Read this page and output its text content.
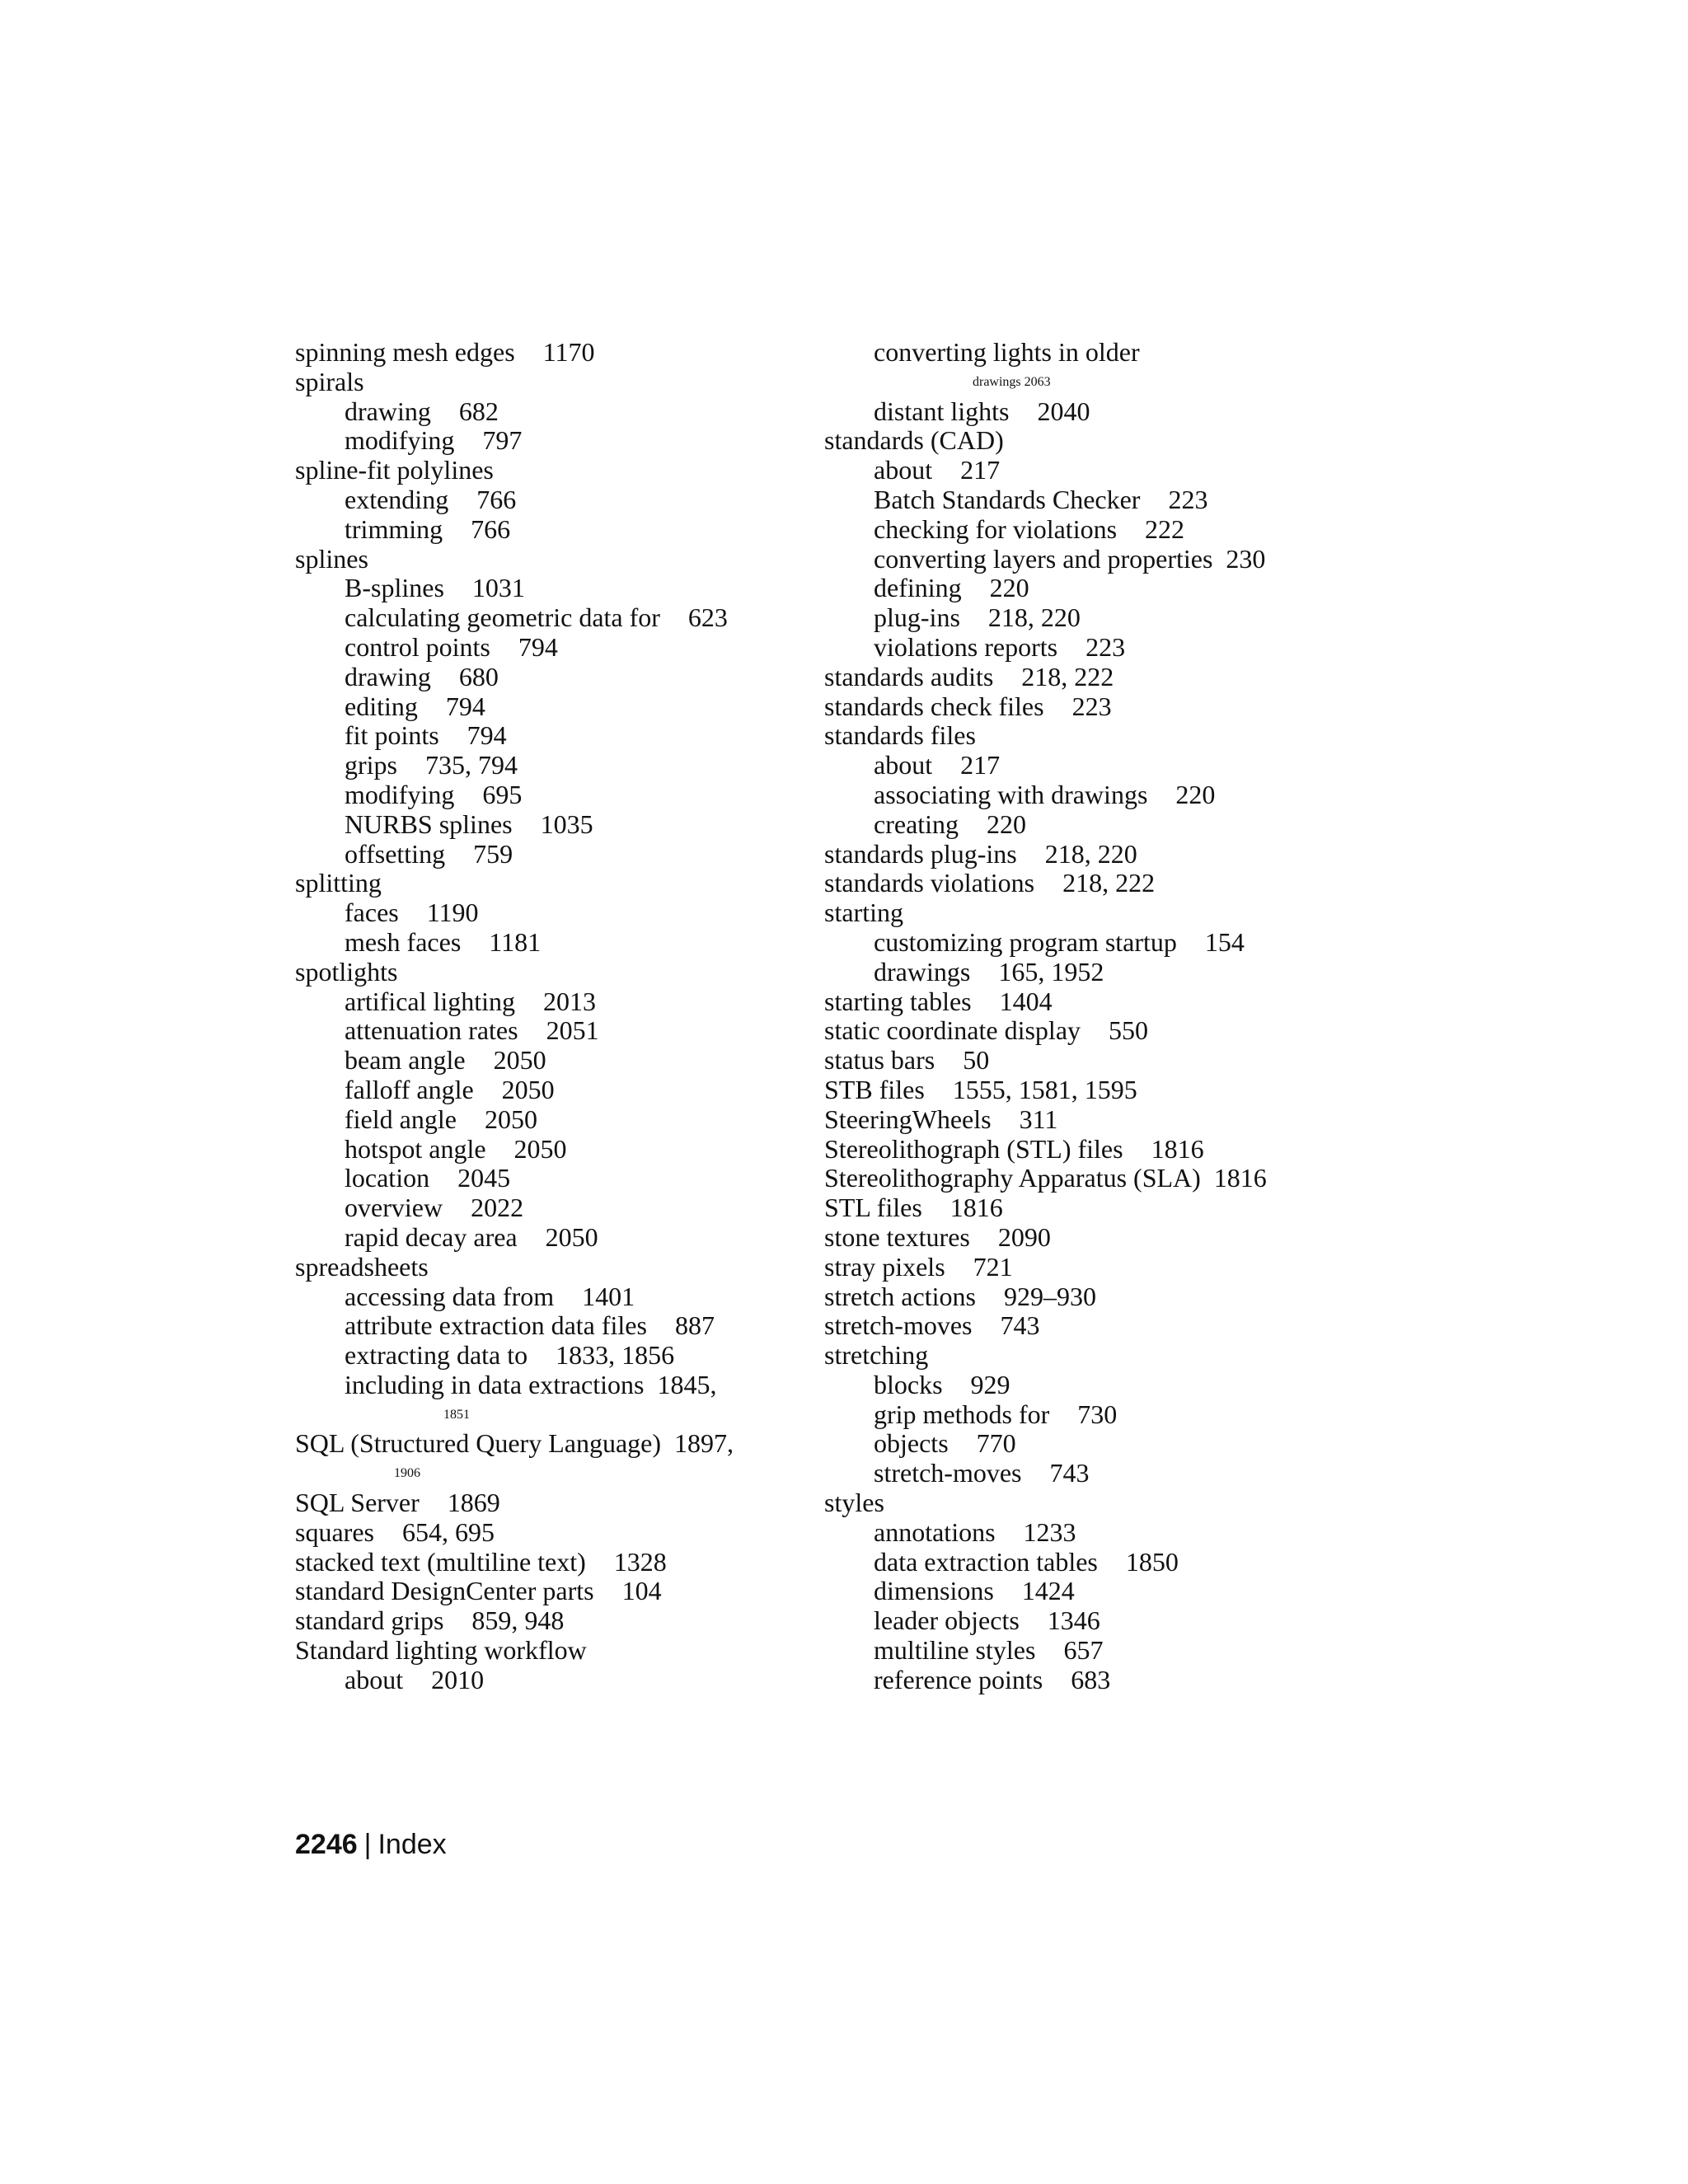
spinning mesh edges 1170
spirals
drawing 682
modifying 797
spline-fit polylines
extending 766
trimming 766
splines
B-splines 1031
calculating geometric data for 623
control points 794
drawing 680
editing 794
fit points 794
grips 735, 794
modifying 695
NURBS splines 1035
offsetting 759
splitting
faces 1190
mesh faces 1181
spotlights
artifical lighting 2013
attenuation rates 2051
beam angle 2050
falloff angle 2050
field angle 2050
hotspot angle 2050
location 2045
overview 2022
rapid decay area 2050
spreadsheets
accessing data from 1401
attribute extraction data files 887
extracting data to 1833, 1856
including in data extractions 1845,
1851
SQL (Structured Query Language) 1897,
1906
SQL Server 1869
squares 654, 695
stacked text (multiline text) 1328
standard DesignCenter parts 104
standard grips 859, 948
Standard lighting workflow
about 2010
converting lights in older
drawings 2063
distant lights 2040
standards (CAD)
about 217
Batch Standards Checker 223
checking for violations 222
converting layers and properties 230
defining 220
plug-ins 218, 220
violations reports 223
standards audits 218, 222
standards check files 223
standards files
about 217
associating with drawings 220
creating 220
standards plug-ins 218, 220
standards violations 218, 222
starting
customizing program startup 154
drawings 165, 1952
starting tables 1404
static coordinate display 550
status bars 50
STB files 1555, 1581, 1595
SteeringWheels 311
Stereolithograph (STL) files 1816
Stereolithography Apparatus (SLA) 1816
STL files 1816
stone textures 2090
stray pixels 721
stretch actions 929–930
stretch-moves 743
stretching
blocks 929
grip methods for 730
objects 770
stretch-moves 743
styles
annotations 1233
data extraction tables 1850
dimensions 1424
leader objects 1346
multiline styles 657
reference points 683
2246 | Index
